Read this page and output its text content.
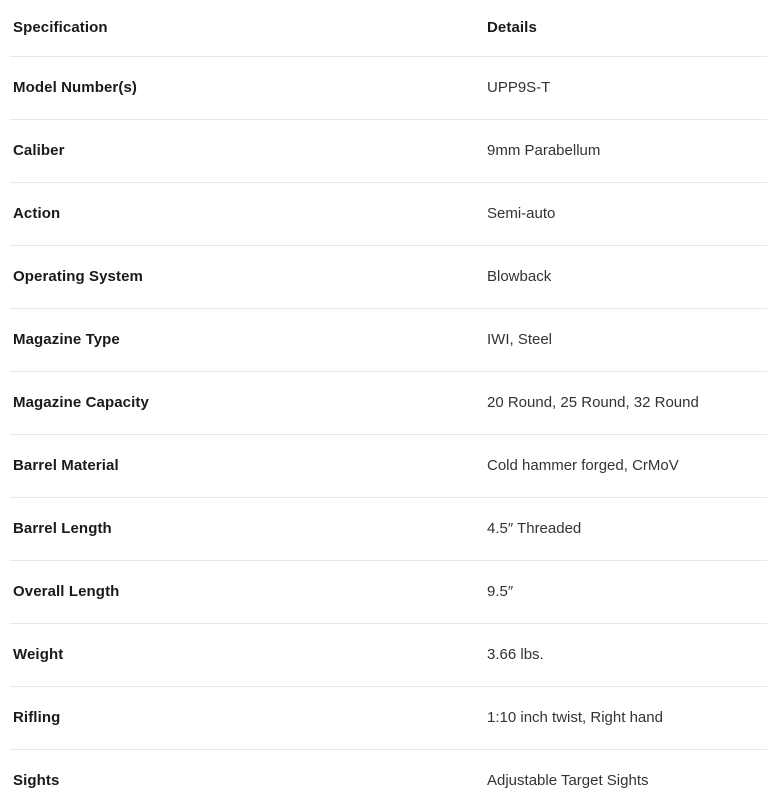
Specification	Details
Model Number(s)	UPP9S-T
Caliber	9mm Parabellum
Action	Semi-auto
Operating System	Blowback
Magazine Type	IWI, Steel
Magazine Capacity	20 Round, 25 Round, 32 Round
Barrel Material	Cold hammer forged, CrMoV
Barrel Length	4.5″ Threaded
Overall Length	9.5″
Weight	3.66 lbs.
Rifling	1:10 inch twist, Right hand
Sights	Adjustable Target Sights
